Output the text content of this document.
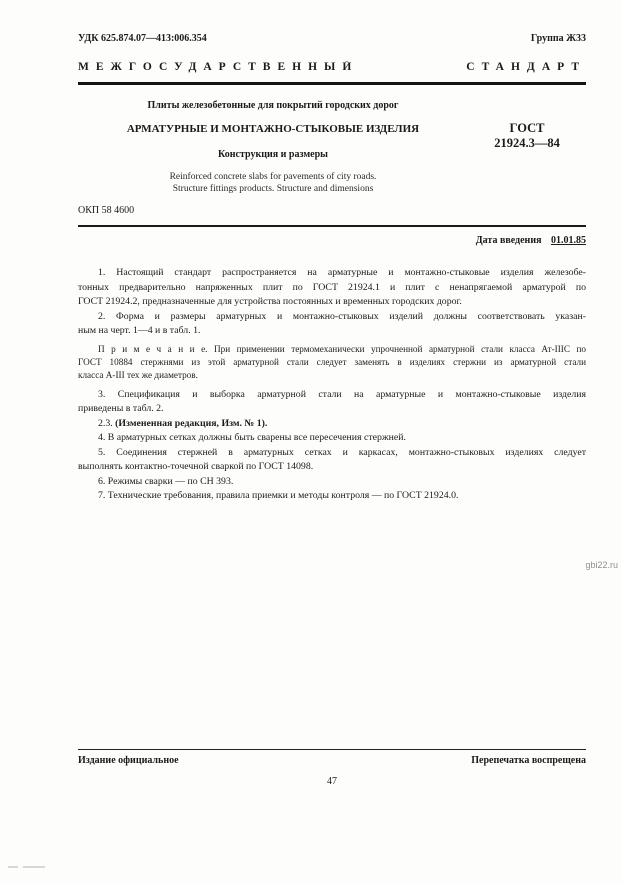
УДК 625.874.07—413:006.354	Группа Ж33
МЕЖГОСУДАРСТВЕННЫЙ СТАНДАРТ
Плиты железобетонные для покрытий городских дорог
АРМАТУРНЫЕ И МОНТАЖНО-СТЫКОВЫЕ ИЗДЕЛИЯ
Конструкция и размеры
Reinforced concrete slabs for pavements of city roads.
Structure fittings products. Structure and dimensions
ОКП 58 4600
ГОСТ
21924.3—84
Дата введения 01.01.85
1. Настоящий стандарт распространяется на арматурные и монтажно-стыковые изделия железобе-
тонных предварительно напряженных плит по ГОСТ 21924.1 и плит с ненапрягаемой арматурой по
ГОСТ 21924.2, предназначенные для устройства постоянных и временных городских дорог.
2. Форма и размеры арматурных и монтажно-стыковых изделий должны соответствовать указан-
ным на черт. 1—4 и в табл. 1.
П р и м е ч а н и е. При применении термомеханически упрочненной арматурной стали класса Ат-IIIС по
ГОСТ 10884 стержнями из этой арматурной стали следует заменять в изделиях стержни из арматурной стали
класса А-III тех же диаметров.
3. Спецификация и выборка арматурной стали на арматурные и монтажно-стыковые изделия
приведены в табл. 2.
2.3. (Измененная редакция, Изм. № 1).
4. В арматурных сетках должны быть сварены все пересечения стержней.
5. Соединения стержней в арматурных сетках и каркасах, монтажно-стыковых изделиях следует
выполнять контактно-точечной сваркой по ГОСТ 14098.
6. Режимы сварки — по СН 393.
7. Технические требования, правила приемки и методы контроля — по ГОСТ 21924.0.
Издание официальное	Перепечатка воспрещена
47
gbi22.ru
